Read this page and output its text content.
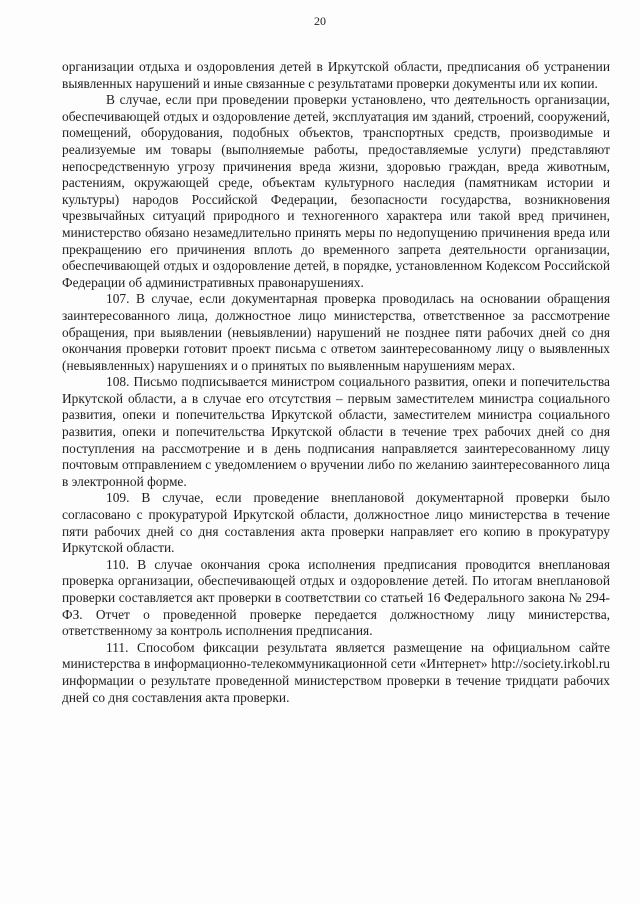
20

организации отдыха и оздоровления детей в Иркутской области, предписания об устранении выявленных нарушений и иные связанные с результатами проверки документы или их копии.

В случае, если при проведении проверки установлено, что деятельность организации, обеспечивающей отдых и оздоровление детей, эксплуатация им зданий, строений, сооружений, помещений, оборудования, подобных объектов, транспортных средств, производимые и реализуемые им товары (выполняемые работы, предоставляемые услуги) представляют непосредственную угрозу причинения вреда жизни, здоровью граждан, вреда животным, растениям, окружающей среде, объектам культурного наследия (памятникам истории и культуры) народов Российской Федерации, безопасности государства, возникновения чрезвычайных ситуаций природного и техногенного характера или такой вред причинен, министерство обязано незамедлительно принять меры по недопущению причинения вреда или прекращению его причинения вплоть до временного запрета деятельности организации, обеспечивающей отдых и оздоровление детей, в порядке, установленном Кодексом Российской Федерации об административных правонарушениях.

107. В случае, если документарная проверка проводилась на основании обращения заинтересованного лица, должностное лицо министерства, ответственное за рассмотрение обращения, при выявлении (невыявлении) нарушений не позднее пяти рабочих дней со дня окончания проверки готовит проект письма с ответом заинтересованному лицу о выявленных (невыявленных) нарушениях и о принятых по выявленным нарушениям мерах.

108. Письмо подписывается министром социального развития, опеки и попечительства Иркутской области, а в случае его отсутствия – первым заместителем министра социального развития, опеки и попечительства Иркутской области, заместителем министра социального развития, опеки и попечительства Иркутской области в течение трех рабочих дней со дня поступления на рассмотрение и в день подписания направляется заинтересованному лицу почтовым отправлением с уведомлением о вручении либо по желанию заинтересованного лица в электронной форме.

109. В случае, если проведение внеплановой документарной проверки было согласовано с прокуратурой Иркутской области, должностное лицо министерства в течение пяти рабочих дней со дня составления акта проверки направляет его копию в прокуратуру Иркутской области.

110. В случае окончания срока исполнения предписания проводится внеплановая проверка организации, обеспечивающей отдых и оздоровление детей. По итогам внеплановой проверки составляется акт проверки в соответствии со статьей 16 Федерального закона № 294-ФЗ. Отчет о проведенной проверке передается должностному лицу министерства, ответственному за контроль исполнения предписания.

111. Способом фиксации результата является размещение на официальном сайте министерства в информационно-телекоммуникационной сети «Интернет» http://society.irkobl.ru информации о результате проведенной министерством проверки в течение тридцати рабочих дней со дня составления акта проверки.
